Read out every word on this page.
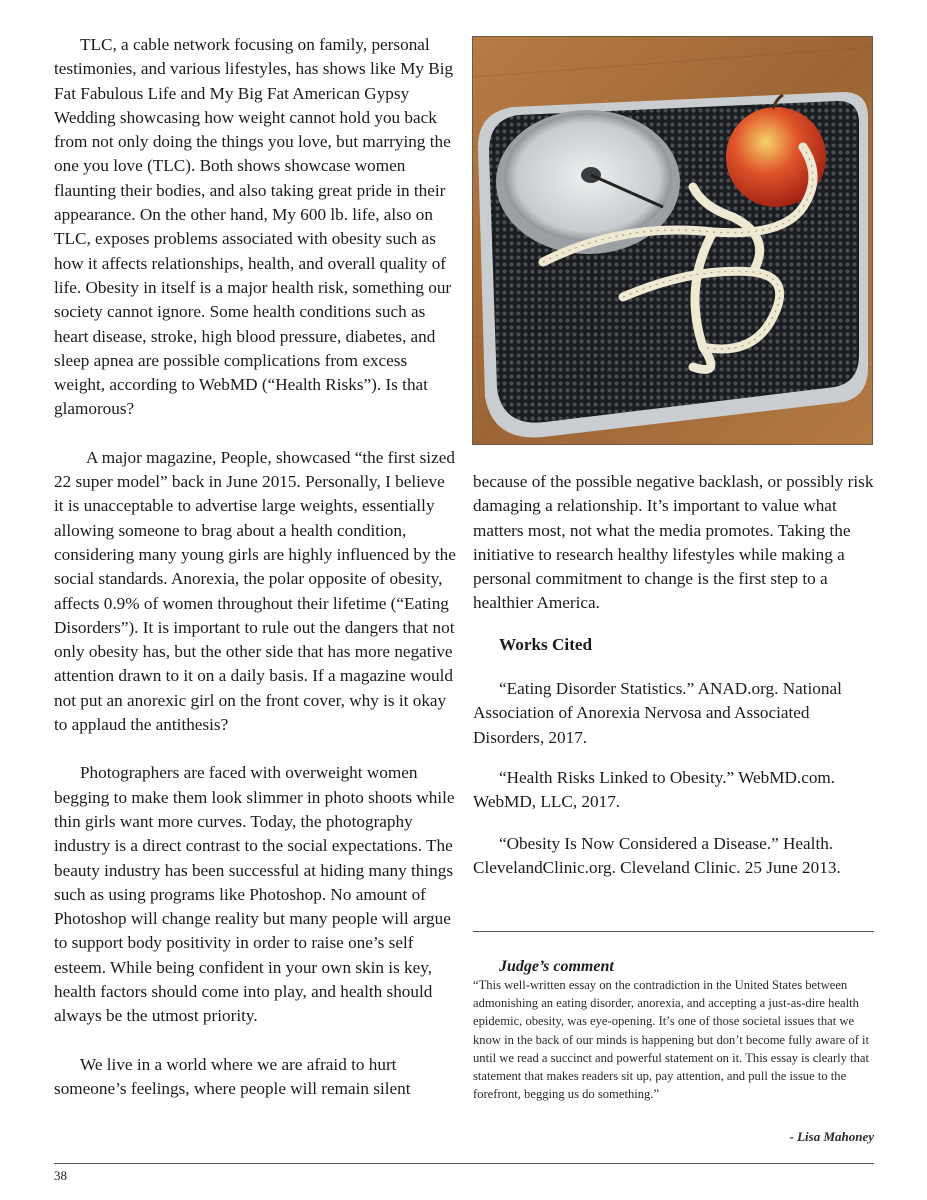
TLC, a cable network focusing on family, personal testimonies, and various lifestyles, has shows like My Big Fat Fabulous Life and My Big Fat American Gypsy Wedding showcasing how weight cannot hold you back from not only doing the things you love, but marrying the one you love (TLC). Both shows showcase women flaunting their bodies, and also taking great pride in their appearance. On the other hand, My 600 lb. life, also on TLC, exposes problems associated with obesity such as how it affects relationships, health, and overall quality of life. Obesity in itself is a major health risk, something our society cannot ignore. Some health conditions such as heart disease, stroke, high blood pressure, diabetes, and sleep apnea are possible complications from excess weight, according to WebMD (“Health Risks”). Is that glamorous?

A major magazine, People, showcased “the first sized 22 super model” back in June 2015. Personally, I believe it is unacceptable to advertise large weights, essentially allowing someone to brag about a health condition, considering many young girls are highly influenced by the social standards. Anorexia, the polar opposite of obesity, affects 0.9% of women throughout their lifetime (“Eating Disorders”). It is important to rule out the dangers that not only obesity has, but the other side that has more negative attention drawn to it on a daily basis. If a magazine would not put an anorexic girl on the front cover, why is it okay to applaud the antithesis?

Photographers are faced with overweight women begging to make them look slimmer in photo shoots while thin girls want more curves. Today, the photography industry is a direct contrast to the social expectations. The beauty industry has been successful at hiding many things such as using programs like Photoshop. No amount of Photoshop will change reality but many people will argue to support body positivity in order to raise one’s self esteem. While being confident in your own skin is key, health factors should come into play, and health should always be the utmost priority.

We live in a world where we are afraid to hurt someone’s feelings, where people will remain silent

because of the possible negative backlash, or possibly risk damaging a relationship. It’s important to value what matters most, not what the media promotes. Taking the initiative to research healthy lifestyles while making a personal commitment to change is the first step to a healthier America.

Works Cited

“Eating Disorder Statistics.” ANAD.org. National Association of Anorexia Nervosa and Associated Disorders, 2017.

“Health Risks Linked to Obesity.” WebMD.com. WebMD, LLC, 2017.

“Obesity Is Now Considered a Disease.” Health. ClevelandClinic.org. Cleveland Clinic. 25 June 2013.

Judge’s comment

“This well-written essay on the contradiction in the United States between admonishing an eating disorder, anorexia, and accepting a just-as-dire health epidemic, obesity, was eye-opening. It’s one of those societal issues that we know in the back of our minds is happening but don’t become fully aware of it until we read a succinct and powerful statement on it. This essay is clearly that statement that makes readers sit up, pay attention, and pull the issue to the forefront, begging us do something.”

- Lisa Mahoney
38
